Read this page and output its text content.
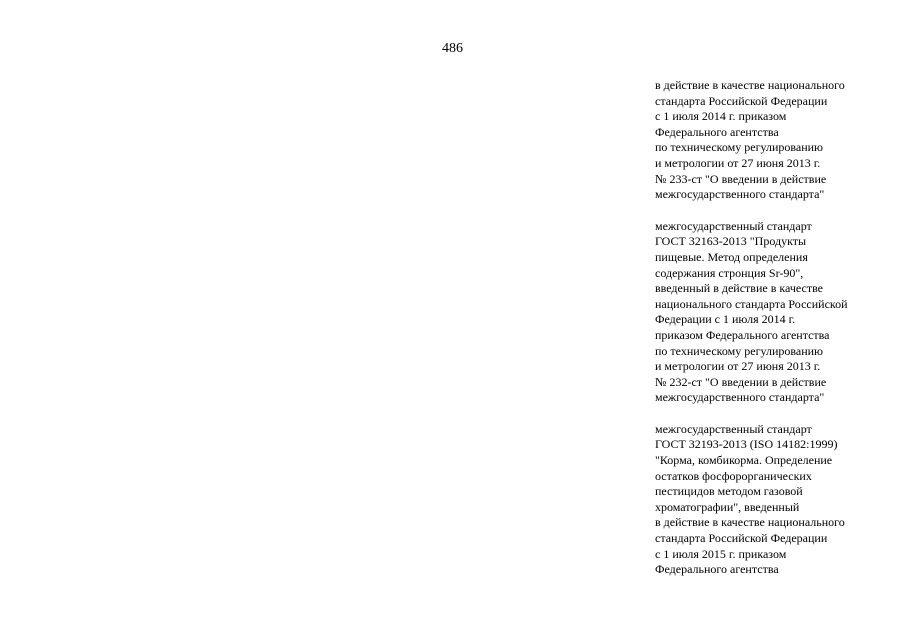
486

в действие в качестве национального
стандарта Российской Федерации
с 1 июля 2014 г. приказом
Федерального агентства
по техническому регулированию
и метрологии от 27 июня 2013 г.
№ 233-ст "О введении в действие
межгосударственного стандарта"

межгосударственный стандарт
ГОСТ 32163-2013 "Продукты
пищевые. Метод определения
содержания стронция Sr-90",
введенный в действие в качестве
национального стандарта Российской
Федерации с 1 июля 2014 г.
приказом Федерального агентства
по техническому регулированию
и метрологии от 27 июня 2013 г.
№ 232-ст "О введении в действие
межгосударственного стандарта"

межгосударственный стандарт
ГОСТ 32193-2013 (ISO 14182:1999)
"Корма, комбикорма. Определение
остатков фосфорорганических
пестицидов методом газовой
хроматографии", введенный
в действие в качестве национального
стандарта Российской Федерации
с 1 июля 2015 г. приказом
Федерального агентства
